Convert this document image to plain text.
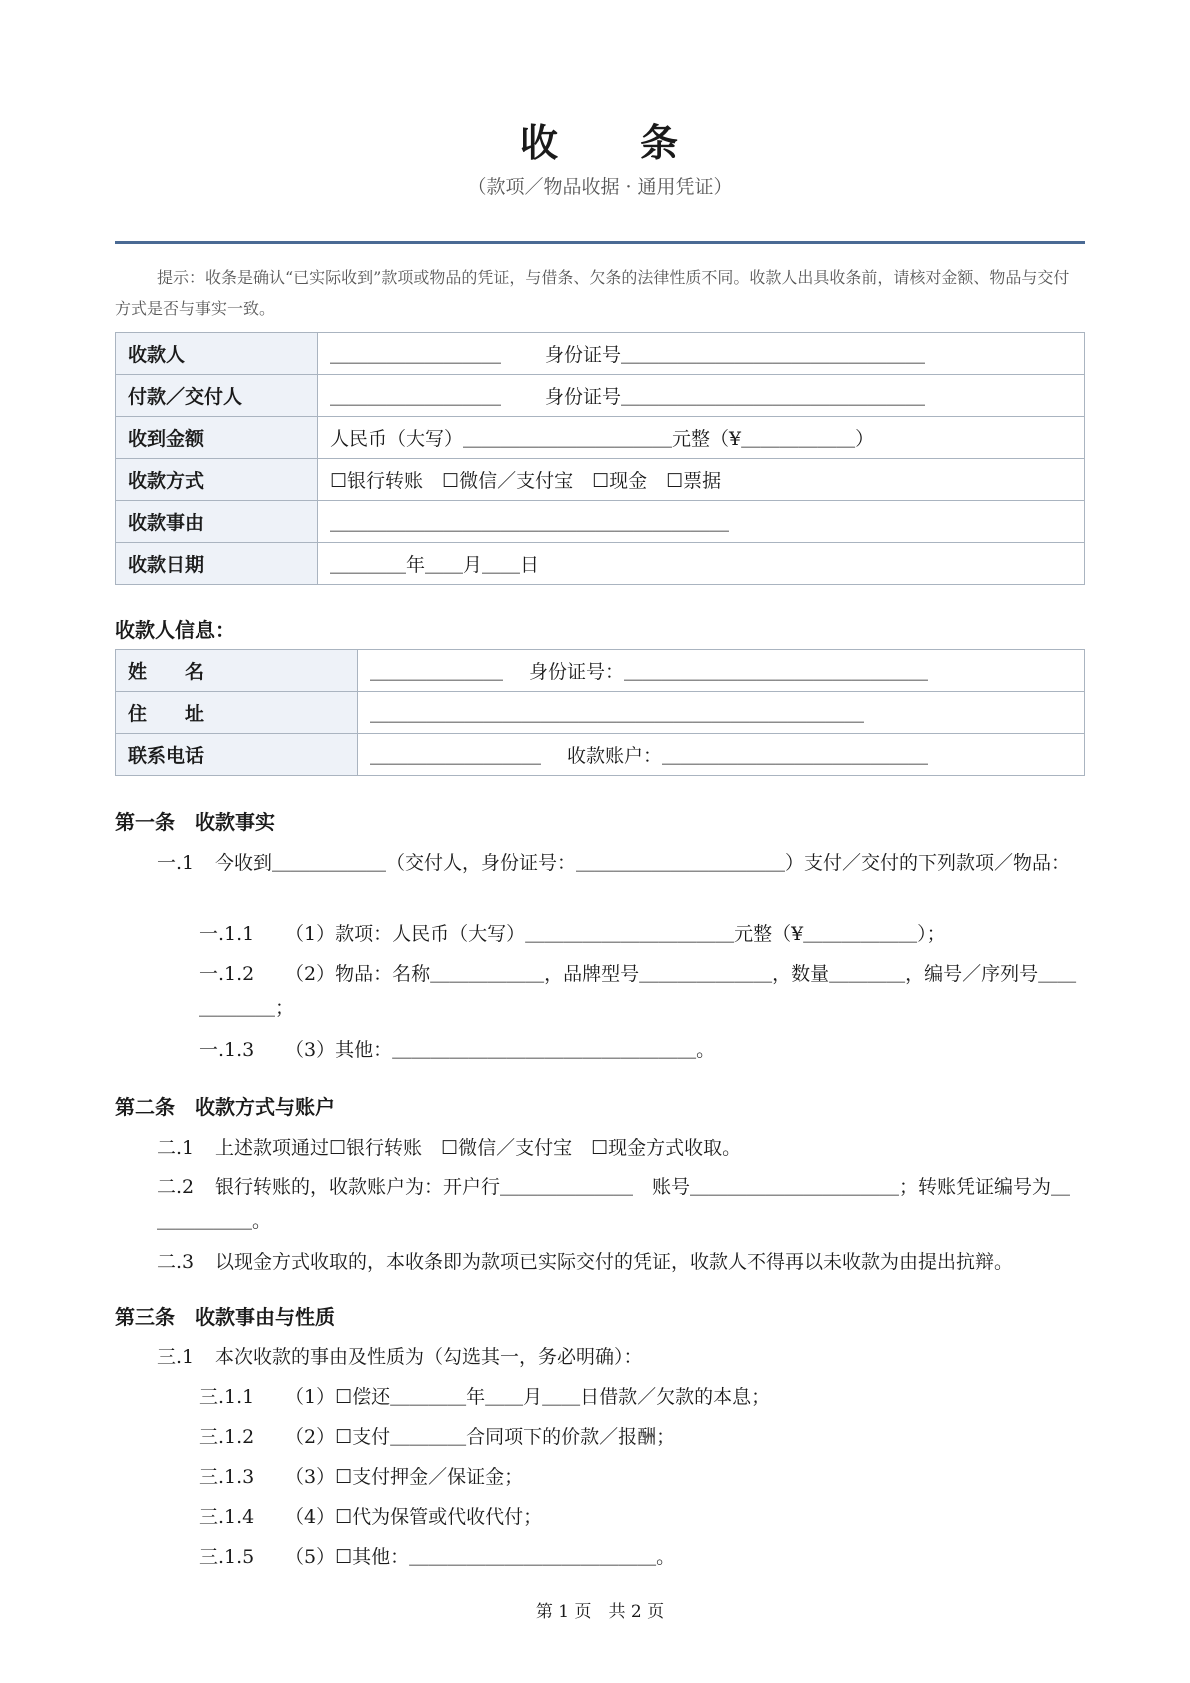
收　　条
（款项／物品收据 · 通用凭证）
提示：收条是确认“已实际收到”款项或物品的凭证，与借条、欠条的法律性质不同。收款人出具收条前，请核对金额、物品与交付方式是否与事实一致。
收款人	＿＿＿＿＿＿＿＿＿ 身份证号＿＿＿＿＿＿＿＿＿＿＿＿＿＿＿＿
付款／交付人	＿＿＿＿＿＿＿＿＿ 身份证号＿＿＿＿＿＿＿＿＿＿＿＿＿＿＿＿
收到金额	人民币（大写）＿＿＿＿＿＿＿＿＿＿＿元整（¥＿＿＿＿＿＿）
收款方式	☐银行转账　☐微信／支付宝　☐现金　☐票据
收款事由	＿＿＿＿＿＿＿＿＿＿＿＿＿＿＿＿＿＿＿＿＿
收款日期	＿＿＿＿年＿＿月＿＿日
收款人信息：
姓　　名	＿＿＿＿＿＿＿ 身份证号：＿＿＿＿＿＿＿＿＿＿＿＿＿＿＿＿
住　　址	＿＿＿＿＿＿＿＿＿＿＿＿＿＿＿＿＿＿＿＿＿＿＿＿＿＿
联系电话	＿＿＿＿＿＿＿＿＿ 收款账户：＿＿＿＿＿＿＿＿＿＿＿＿＿＿
第一条　收款事实
一.1 今收到＿＿＿＿＿＿（交付人，身份证号：＿＿＿＿＿＿＿＿＿＿＿）支付／交付的下列款项／物品：
一.1.1 （1）款项：人民币（大写）＿＿＿＿＿＿＿＿＿＿＿元整（¥＿＿＿＿＿＿）；
一.1.2 （2）物品：名称＿＿＿＿＿＿，品牌型号＿＿＿＿＿＿＿，数量＿＿＿＿，编号／序列号＿＿＿＿＿＿；
一.1.3 （3）其他：＿＿＿＿＿＿＿＿＿＿＿＿＿＿＿＿。
第二条　收款方式与账户
二.1 上述款项通过☐银行转账　☐微信／支付宝　☐现金方式收取。
二.2 银行转账的，收款账户为：开户行＿＿＿＿＿＿＿　账号＿＿＿＿＿＿＿＿＿＿＿；转账凭证编号为＿＿＿＿＿＿。
二.3 以现金方式收取的，本收条即为款项已实际交付的凭证，收款人不得再以未收款为由提出抗辩。
第三条　收款事由与性质
三.1 本次收款的事由及性质为（勾选其一，务必明确）：
三.1.1 （1）☐偿还＿＿＿＿年＿＿月＿＿日借款／欠款的本息；
三.1.2 （2）☐支付＿＿＿＿合同项下的价款／报酬；
三.1.3 （3）☐支付押金／保证金；
三.1.4 （4）☐代为保管或代收代付；
三.1.5 （5）☐其他：＿＿＿＿＿＿＿＿＿＿＿＿＿。
第 1 页　共 2 页
